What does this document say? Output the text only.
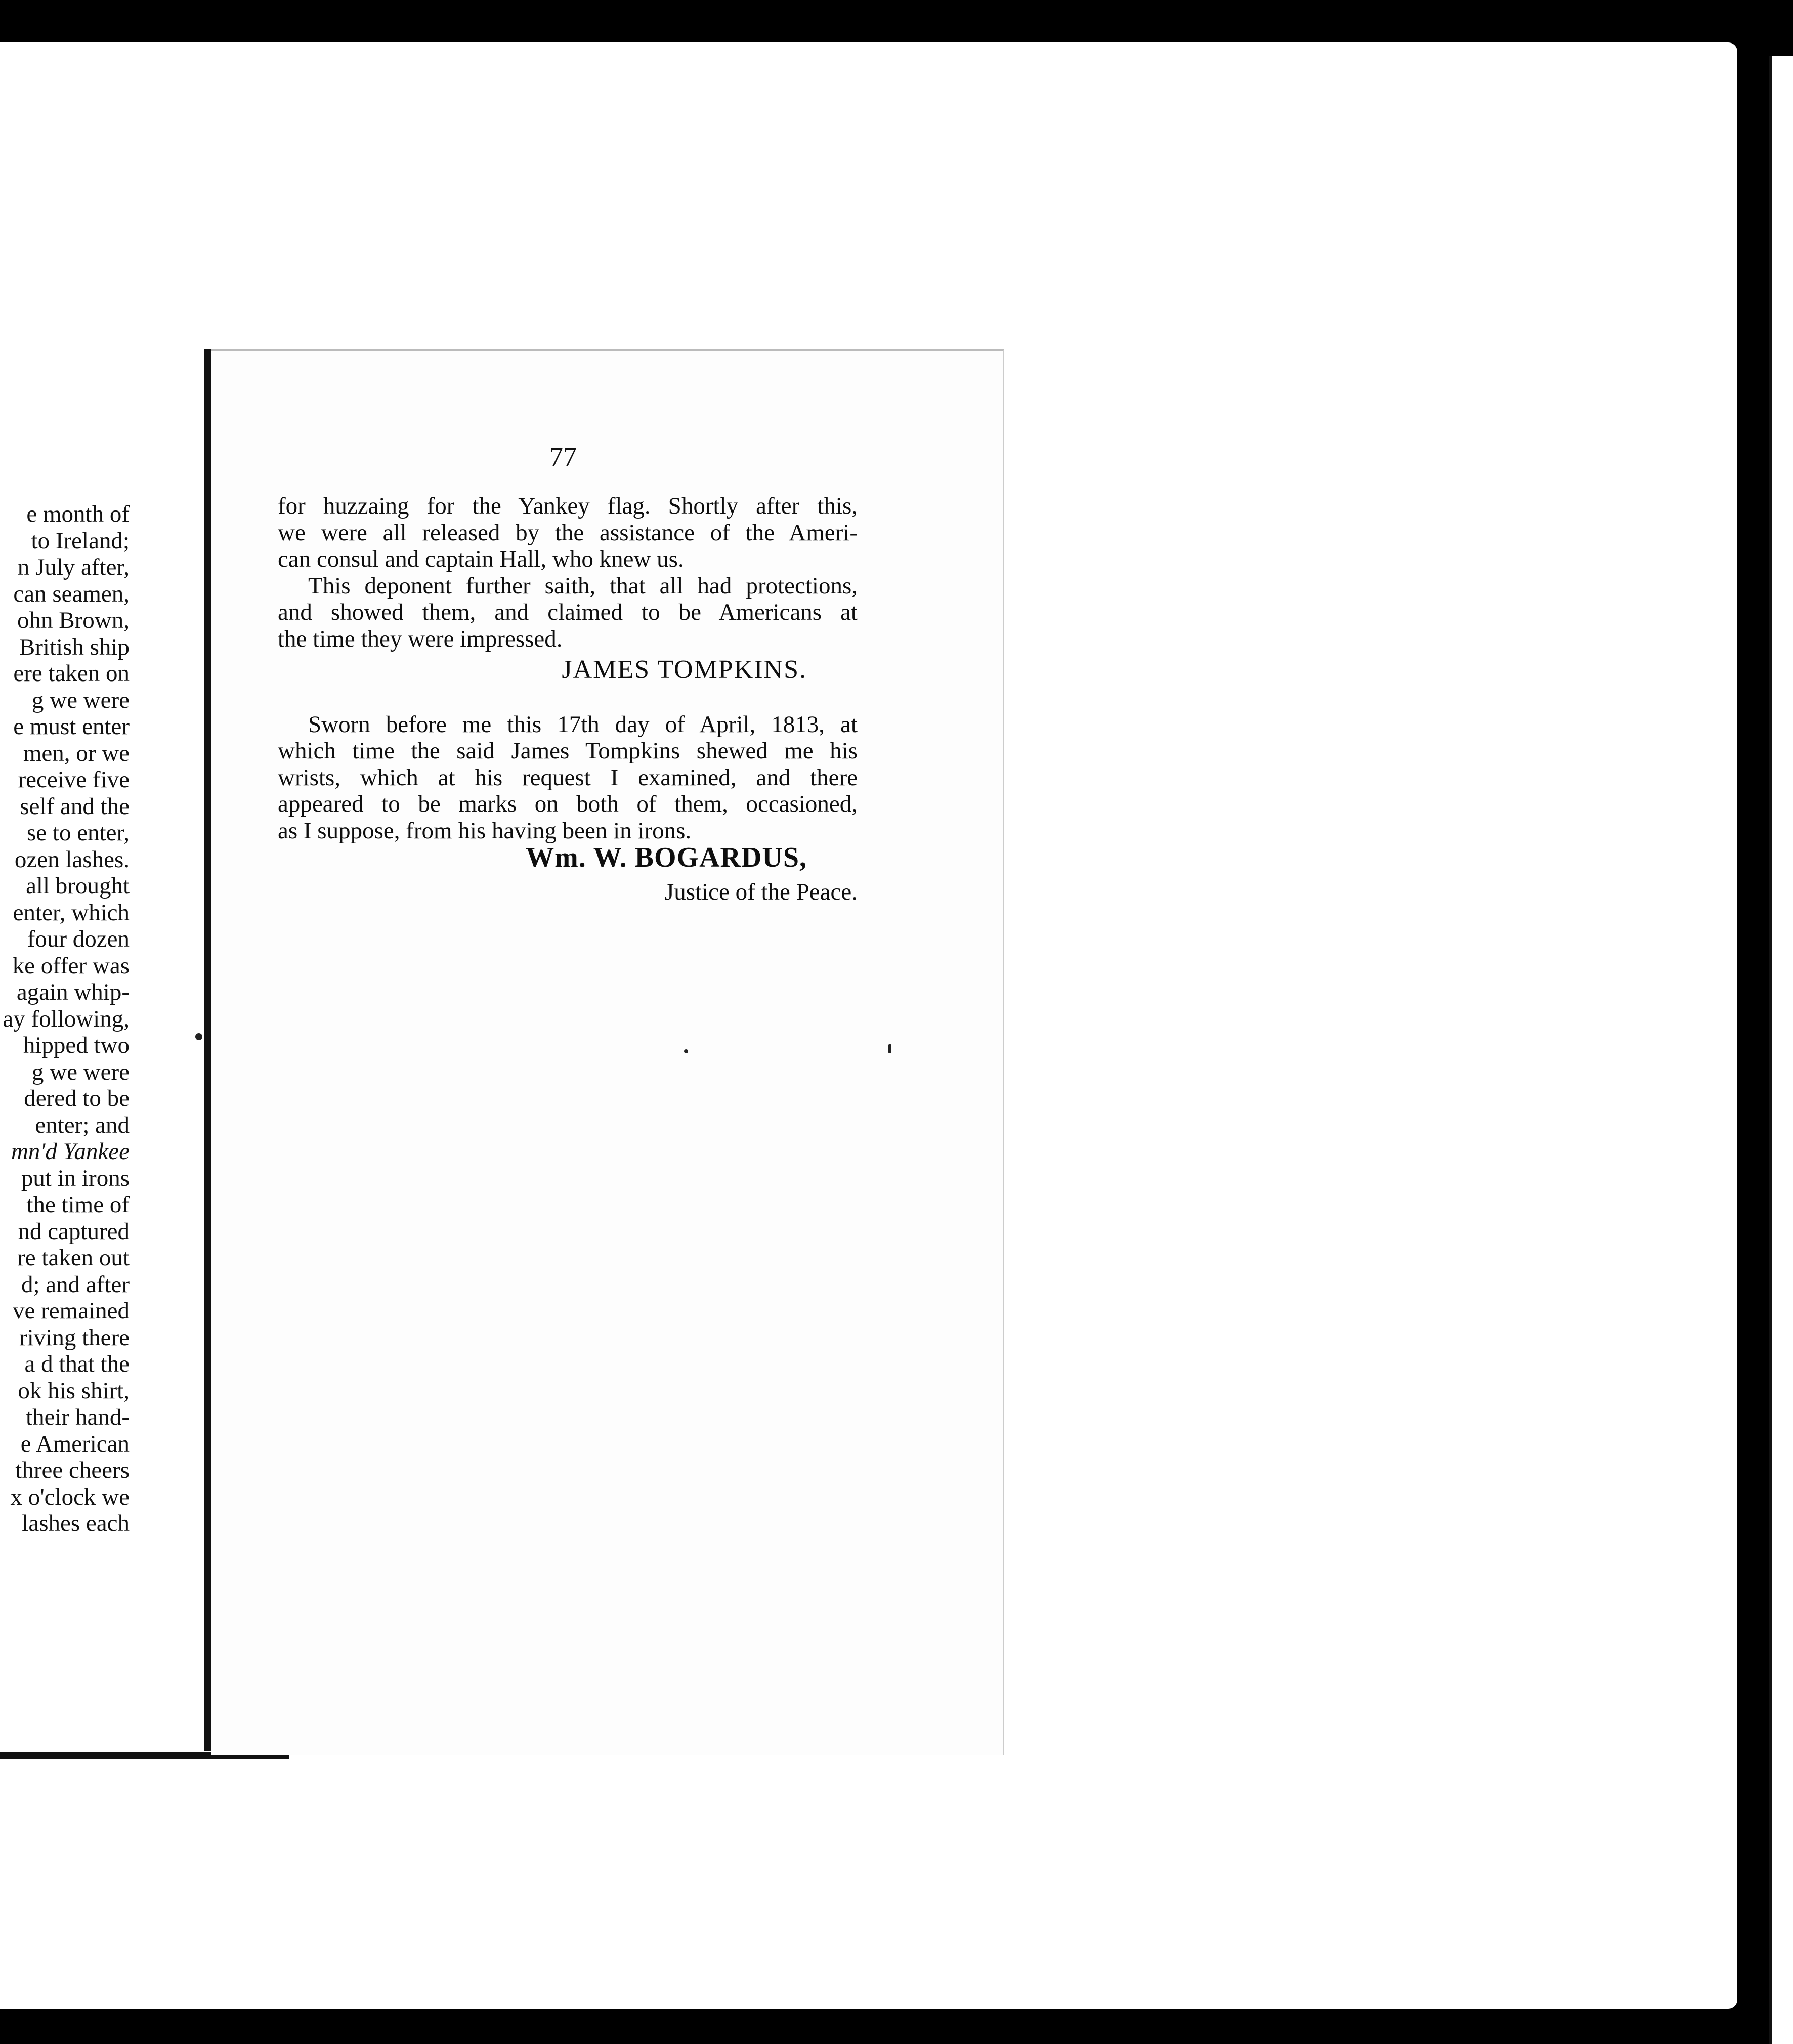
e month of
to Ireland;
n July after,
can seamen,
ohn Brown,
British ship
ere taken on
g we were
e must enter
men, or we
receive five
self and the
se to enter,
ozen lashes.
all brought
enter, which
four dozen
ke offer was
again whip-
ay following,
hipped two
g we were
dered to be
enter; and
mn'd Yankee
put in irons
the time of
nd captured
re taken out
d; and after
ve remained
riving there
a d that the
ok his shirt,
their hand-
e American
three cheers
x o'clock we
lashes each
77
for huzzaing for the Yankey flag. Shortly after this,
we were all released by the assistance of the Ameri-
can consul and captain Hall, who knew us.
This deponent further saith, that all had protections,
and showed them, and claimed to be Americans at
the time they were impressed.
JAMES TOMPKINS.
Sworn before me this 17th day of April, 1813, at
which time the said James Tompkins shewed me his
wrists, which at his request I examined, and there
appeared to be marks on both of them, occasioned,
as I suppose, from his having been in irons.
Wm. W. BOGARDUS,
Justice of the Peace.
